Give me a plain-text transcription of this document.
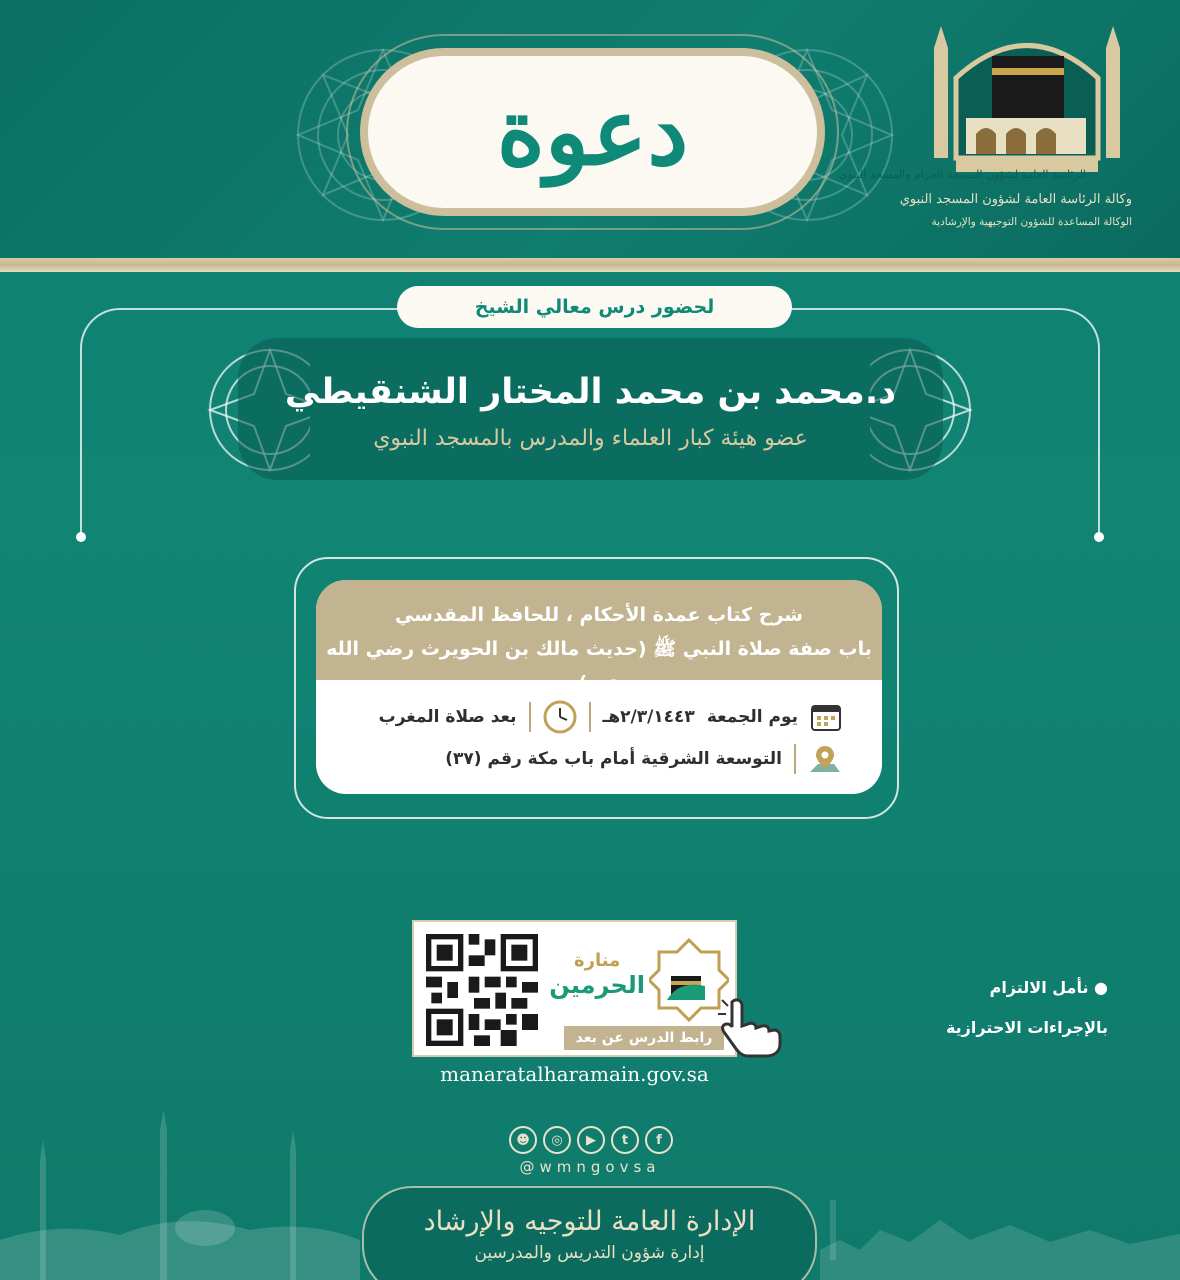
دعوة	الرئاسة العامة لشؤون المسجد الحرام والمسجد النبوي
وكالة الرئاسة العامة لشؤون المسجد النبوي
الوكالة المساعدة للشؤون التوجيهية والإرشادية
د.محمد بن محمد المختار الشنقيطي
عضو هيئة كبار العلماء والمدرس بالمسجد النبوي
لحضور درس معالي الشيخ
شرح كتاب عمدة الأحكام ، للحافظ المقدسي
باب صفة صلاة النبي ﷺ (حديث مالك بن الحويرث رضي الله عنه)
يوم الجمعة
٢/٣/١٤٤٣هـ
بعد صلاة المغرب
التوسعة الشرقية أمام باب مكة رقم (٣٧)
منارة
الحرمين
رابط الدرس عن بعد
manaratalharamain.gov.sa
● نأمل الالتزام
بالإجراءات الاحترازية
☻	◎	▶	t	f
@wmngovsa
الإدارة العامة للتوجيه والإرشاد
إدارة شؤون التدريس والمدرسين
